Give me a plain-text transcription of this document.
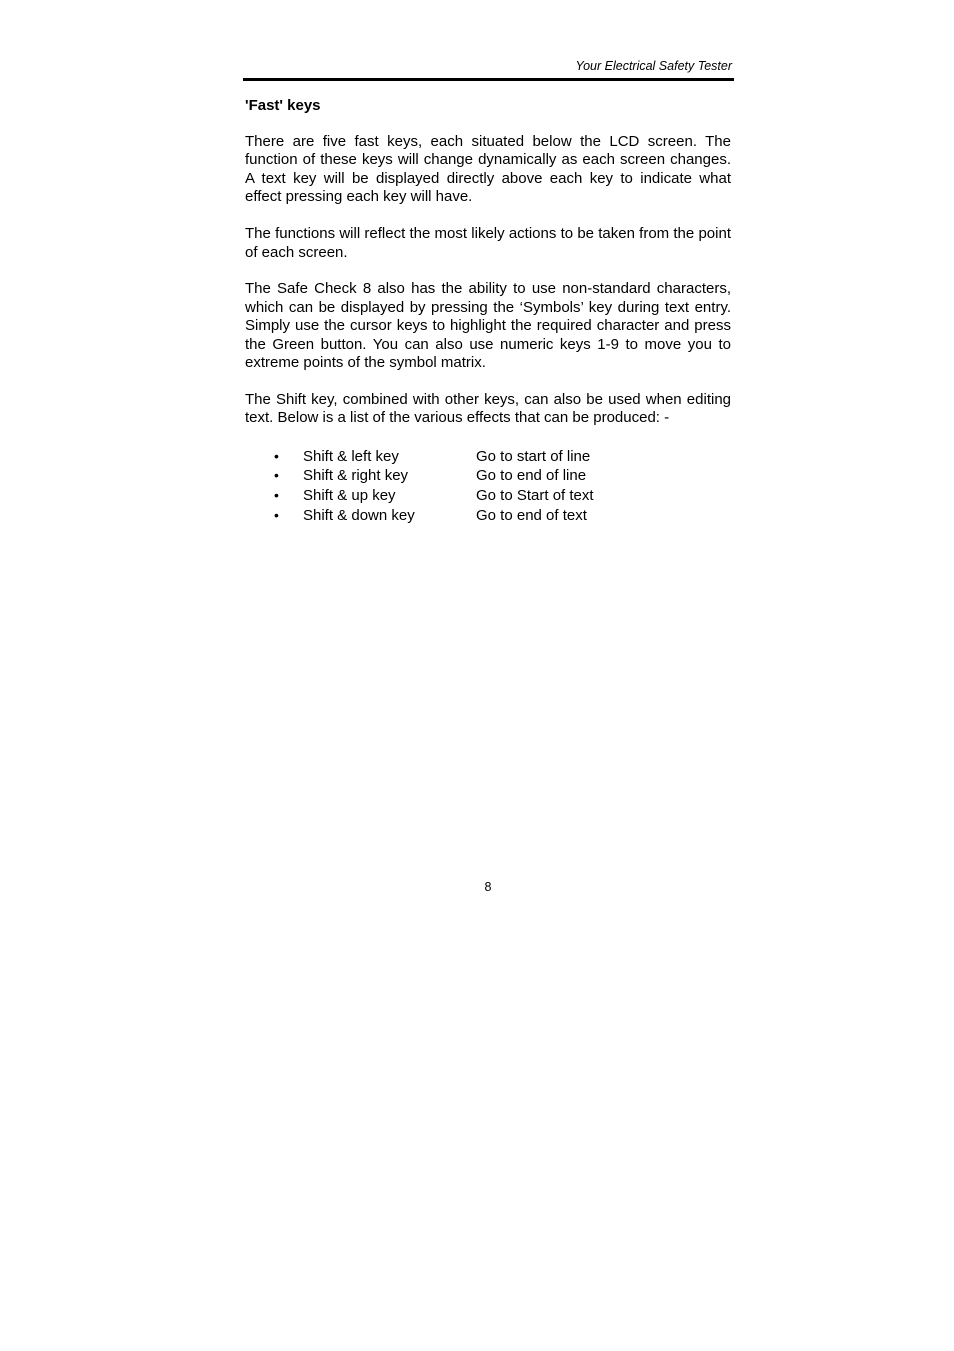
Your Electrical Safety Tester
'Fast' keys

There are five fast keys, each situated below the LCD screen. The function of these keys will change dynamically as each screen changes. A text key will be displayed directly above each key to indicate what effect pressing each key will have.

The functions will reflect the most likely actions to be taken from the point of each screen.

The Safe Check 8 also has the ability to use non-standard characters, which can be displayed by pressing the ‘Symbols’ key during text entry. Simply use the cursor keys to highlight the required character and press the Green button. You can also use numeric keys 1-9 to move you to extreme points of the symbol matrix.

The Shift key, combined with other keys, can also be used when editing text. Below is a list of the various effects that can be produced: -

•	Shift & left key	Go to start of line
•	Shift & right key	Go to end of line
•	Shift & up key	Go to Start of text
•	Shift & down key	Go to end of text
8
